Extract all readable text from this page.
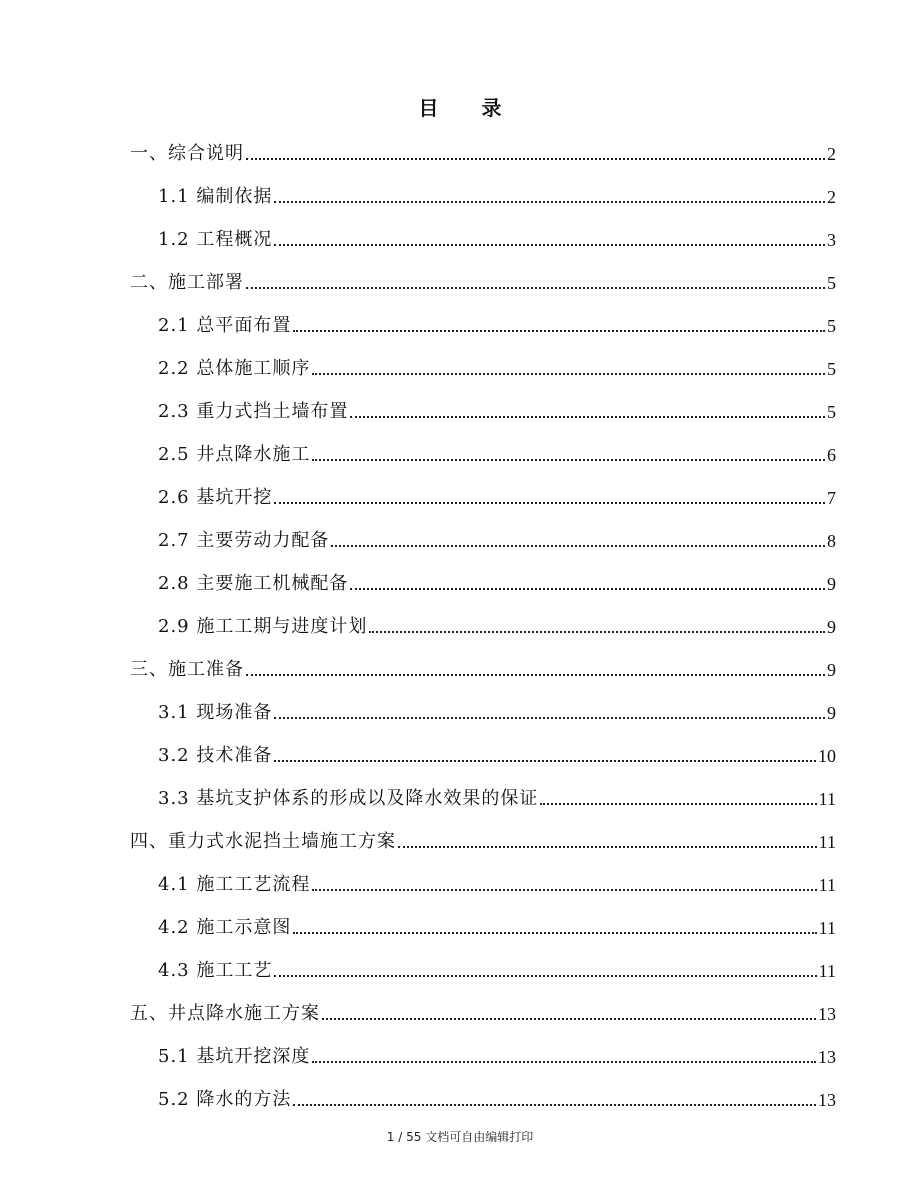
目 录
一、综合说明	2
1.1 编制依据	2
1.2 工程概况	3
二、施工部署	5
2.1 总平面布置	5
2.2 总体施工顺序	5
2.3 重力式挡土墙布置	5
2.5 井点降水施工	6
2.6 基坑开挖	7
2.7 主要劳动力配备	8
2.8 主要施工机械配备	9
2.9 施工工期与进度计划	9
三、施工准备	9
3.1 现场准备	9
3.2 技术准备	10
3.3 基坑支护体系的形成以及降水效果的保证	11
四、重力式水泥挡土墙施工方案	11
4.1 施工工艺流程	11
4.2 施工示意图	11
4.3 施工工艺	11
五、井点降水施工方案	13
5.1 基坑开挖深度	13
5.2 降水的方法	13
1 / 55 文档可自由编辑打印
